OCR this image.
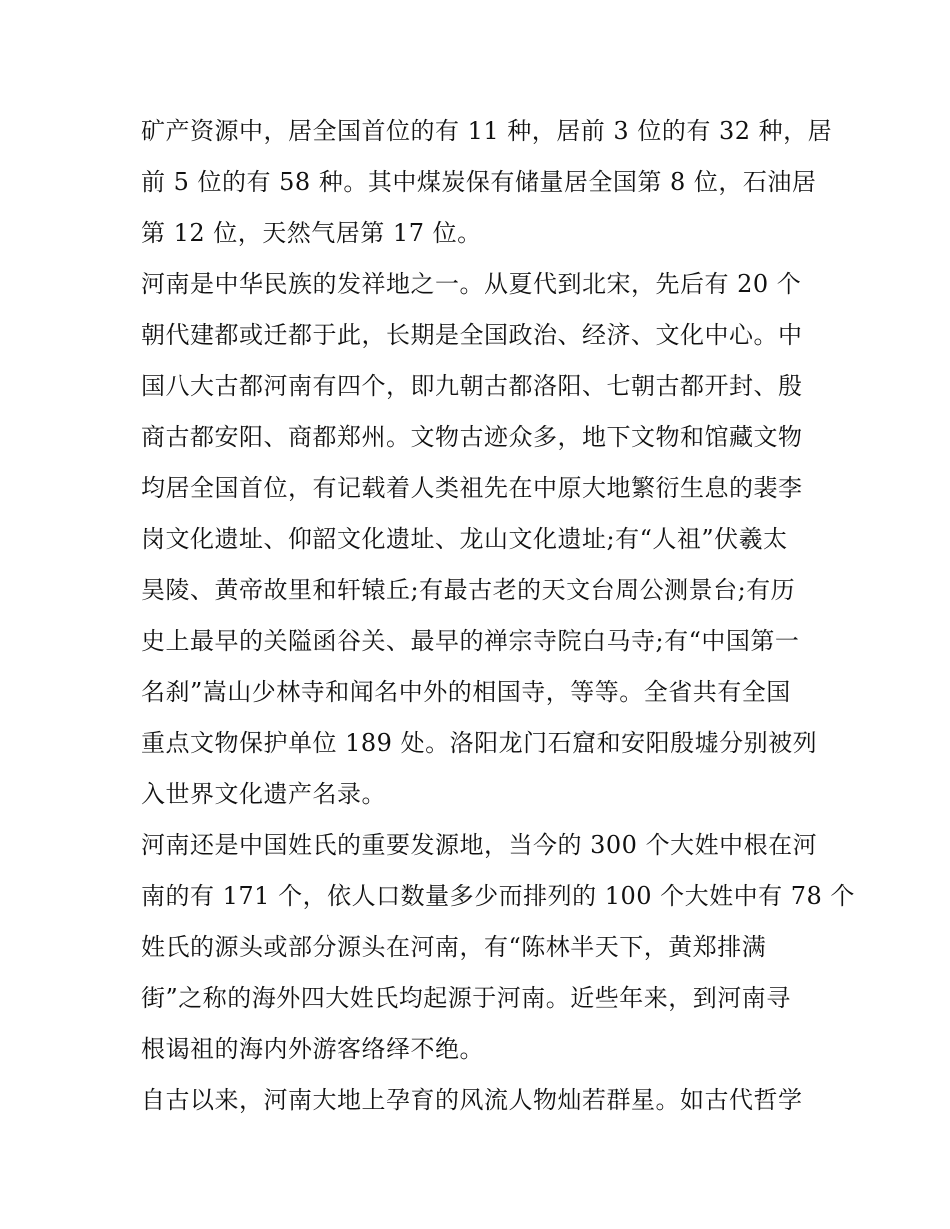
矿产资源中，居全国首位的有 11 种，居前 3 位的有 32 种，居
前 5 位的有 58 种。其中煤炭保有储量居全国第 8 位，石油居
第 12 位，天然气居第 17 位。
河南是中华民族的发祥地之一。从夏代到北宋，先后有 20 个
朝代建都或迁都于此，长期是全国政治、经济、文化中心。中
国八大古都河南有四个，即九朝古都洛阳、七朝古都开封、殷
商古都安阳、商都郑州。文物古迹众多，地下文物和馆藏文物
均居全国首位，有记载着人类祖先在中原大地繁衍生息的裴李
岗文化遗址、仰韶文化遗址、龙山文化遗址;有“人祖”伏羲太
昊陵、黄帝故里和轩辕丘;有最古老的天文台周公测景台;有历
史上最早的关隘函谷关、最早的禅宗寺院白马寺;有“中国第一
名刹”嵩山少林寺和闻名中外的相国寺，等等。全省共有全国
重点文物保护单位 189 处。洛阳龙门石窟和安阳殷墟分别被列
入世界文化遗产名录。
河南还是中国姓氏的重要发源地，当今的 300 个大姓中根在河
南的有 171 个，依人口数量多少而排列的 100 个大姓中有 78 个
姓氏的源头或部分源头在河南，有“陈林半天下，黄郑排满
街”之称的海外四大姓氏均起源于河南。近些年来，到河南寻
根谒祖的海内外游客络绎不绝。
自古以来，河南大地上孕育的风流人物灿若群星。如古代哲学
